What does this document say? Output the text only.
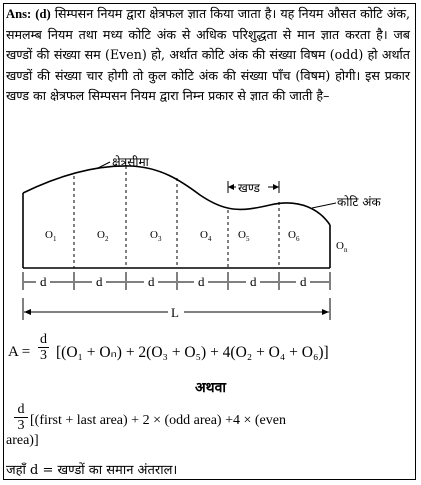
Ans: (d) सिम्पसन नियम द्वारा क्षेत्रफल ज्ञात किया जाता है। यह नियम औसत कोटि अंक, समलम्ब नियम तथा मध्य कोटि अंक से अधिक परिशुद्धता से मान ज्ञात करता है। जब खण्डों की संख्या सम (Even) हो, अर्थात कोटि अंक की संख्या विषम (odd) हो अर्थात खण्डों की संख्या चार होगी तो कुल कोटि अंक की संख्या पाँच (विषम) होगी। इस प्रकार खण्ड का क्षेत्रफल सिम्पसन नियम द्वारा निम्न प्रकार से ज्ञात की जाती है–
क्षेत्रसीमा
खण्ड
कोटि अंक
$O_1$	$O_2$	$O_3$	$O_4$ $O_5$	$O_6$
$O_n$
d	d	d	d	d	d
L
$A = \frac{d}{3} [(O_1 + O_n) + 2(O_3 + O_5) + 4(O_2 + O_4 + O_6)]$
अथवा
$\frac{d}{3}$ [(first + last area) + 2 × (odd area) +4 × (even
area)]
जहाँ d = खण्डों का समान अंतराल।
